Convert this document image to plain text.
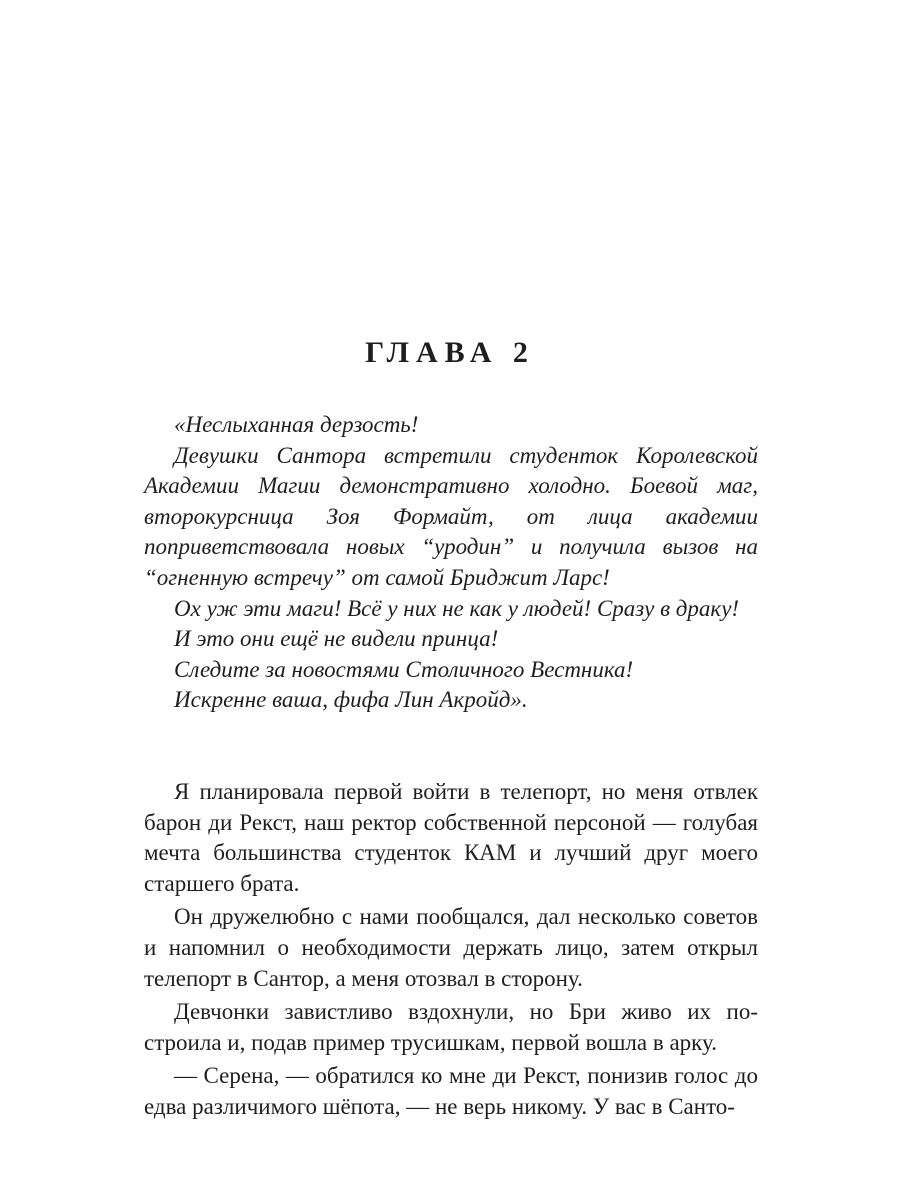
ГЛАВА 2

«Неслыханная дерзость!

Девушки Сантора встретили студенток Королевской Академии Магии демонстративно холодно. Боевой маг, второкурсница Зоя Формайт, от лица академии поприветствовала новых “уродин” и получила вызов на “огненную встречу” от самой Бриджит Ларс!

Ох уж эти маги! Всё у них не как у людей! Сразу в драку!

И это они ещё не видели принца!

Следите за новостями Столичного Вестника!

Искренне ваша, фифа Лин Акройд».

Я планировала первой войти в телепорт, но меня отвлек барон ди Рекст, наш ректор собственной персоной — голубая мечта большинства студенток КАМ и лучший друг моего старшего брата.

Он дружелюбно с нами пообщался, дал несколько советов и напомнил о необходимости держать лицо, затем открыл телепорт в Сантор, а меня отозвал в сторону.

Девчонки завистливо вздохнули, но Бри живо их построила и, подав пример трусишкам, первой вошла в арку.

— Серена, — обратился ко мне ди Рекст, понизив голос до едва различимого шёпота, — не верь никому. У вас в Санто-
